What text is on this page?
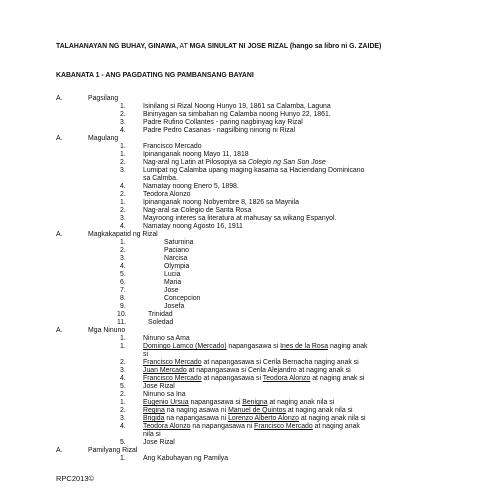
TALAHANAYAN NG BUHAY, GINAWA, AT MGA SINULAT NI JOSE RIZAL (hango sa libro ni G. ZAIDE)
KABANATA 1 - ANG PAGDATING NG PAMBANSANG BAYANI
A.	Pagsilang
1.	Isinilang si Rizal Noong Hunyo 19, 1861 sa Calamba, Laguna
2.	Bininyagan sa simbahan ng Calamba noong Hunyo 22, 1861.
3.	Padre Rufino Collantes - paring nagbinyag kay Rizal
4.	Padre Pedro Casanas - nagsilbing ninong ni Rizal
A.	Magulang
1.	Francisco Mercado
1.	Ipinanganak noong Mayo 11, 1818
2.	Nag-aral ng Latin at Pilosopiya sa Colegio ng San Son Jose
3.	Lumipat ng Calamba upang maging kasama sa Haciendang Dominicano
sa Calmba.
4.	Namatay noong Enero 5, 1898.
2.	Teodora Alonzo
1.	Ipinanganak noong Nobyembre 8, 1826 sa Maynila
2.	Nag-aral sa Colegio de Santa Rosa
3.	Mayroong interes sa literatura at mahusay sa wikang Espanyol.
4.	Namatay noong Agosto 16, 1911
A.	Magkakapatid ng Rizal
1.	Saturnina
2.	Paciano
3.	Narcisa
4.	Olympia
5.	Lucia
6.	Maria
7.	Jose
8.	Concepcion
9.	Josefa
10.	Trinidad
11.	Soledad
A.	Mga Ninuno
1.	Ninuno sa Ama
1.	Domingo Lamco (Mercado) napangasawa si Ines de la Rosa naging anak
si
2.	Francisco Mercado at napangasawa si Cerila Bernacha naging anak si
3.	Juan Mercado at napangasawa si Cerila Alejandro at naging anak si
4.	Francisco Mercado at napangasawa si Teodora Alonzo at naging anak si
5.	Jose Rizal
2.	Ninuno sa Ina
1.	Eugenio Ursua napangasawa si Benigna at naging anak nila si
2.	Regina na naging asawa ni Manuel de Quintos at naging anak nila si
3.	Brigida na napangasawa ni Lorenzo Alberto Alonzo at naging anak nila si
4.	Teodora Alonzo na napangasawa ni Francisco Mercado at naging anak
nila si
5.	Jose Rizal
A.	Pamilyang Rizal
1.	Ang Kabuhayan ng Pamilya
RPC2013©
